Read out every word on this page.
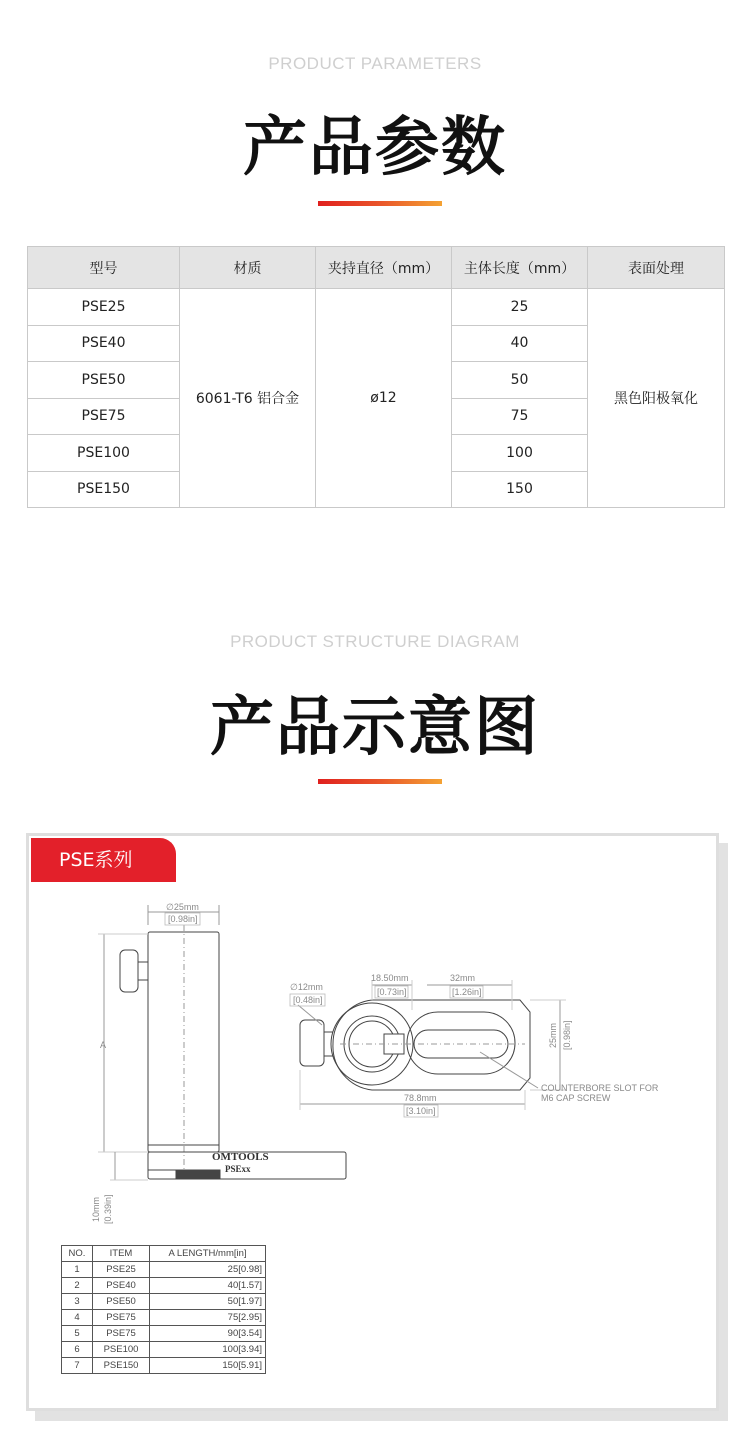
PRODUCT PARAMETERS
产品参数
型号	材质	夹持直径（mm）	主体长度（mm）	表面处理
PSE25	6061-T6 铝合金	ø12	25	黑色阳极氧化
PSE40			40	
PSE50			50	
PSE75			75	
PSE100			100	
PSE150			150	
PRODUCT STRUCTURE DIAGRAM
产品示意图
PSE系列
∅25mm
[0.98in]
A
OMTOOLS
PSExx
10mm [0.39in]
∅12mm
[0.48in]
18.50mm
[0.73in]
32mm
[1.26in]
25mm [0.98in]
78.8mm
[3.10in]
COUNTERBORE SLOT FOR
M6 CAP SCREW
NO.	ITEM	A LENGTH/mm[in]
1	PSE25	25[0.98]
2	PSE40	40[1.57]
3	PSE50	50[1.97]
4	PSE75	75[2.95]
5	PSE75	90[3.54]
6	PSE100	100[3.94]
7	PSE150	150[5.91]
